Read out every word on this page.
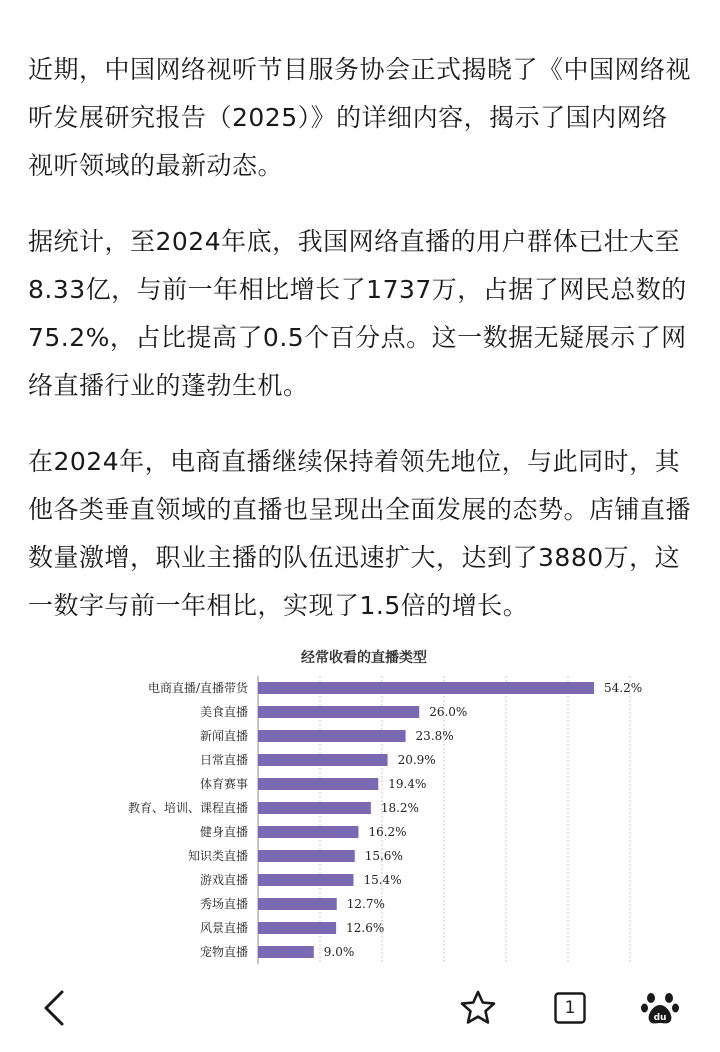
近期，中国网络视听节目服务协会正式揭晓了《中国网络视听发展研究报告（2025）》的详细内容，揭示了国内网络视听领域的最新动态。

据统计，至2024年底，我国网络直播的用户群体已壮大至8.33亿，与前一年相比增长了1737万，占据了网民总数的75.2%，占比提高了0.5个百分点。这一数据无疑展示了网络直播行业的蓬勃生机。

在2024年，电商直播继续保持着领先地位，与此同时，其他各类垂直领域的直播也呈现出全面发展的态势。店铺直播数量激增，职业主播的队伍迅速扩大，达到了3880万，这一数字与前一年相比，实现了1.5倍的增长。

经常收看的直播类型
电商直播/直播带货	54.2%
美食直播	26.0%
新闻直播	23.8%
日常直播	20.9%
体育赛事	19.4%
教育、培训、课程直播	18.2%
健身直播	16.2%
知识类直播	15.6%
游戏直播	15.4%
秀场直播	12.7%
风景直播	12.6%
宠物直播	9.0%
1	du
